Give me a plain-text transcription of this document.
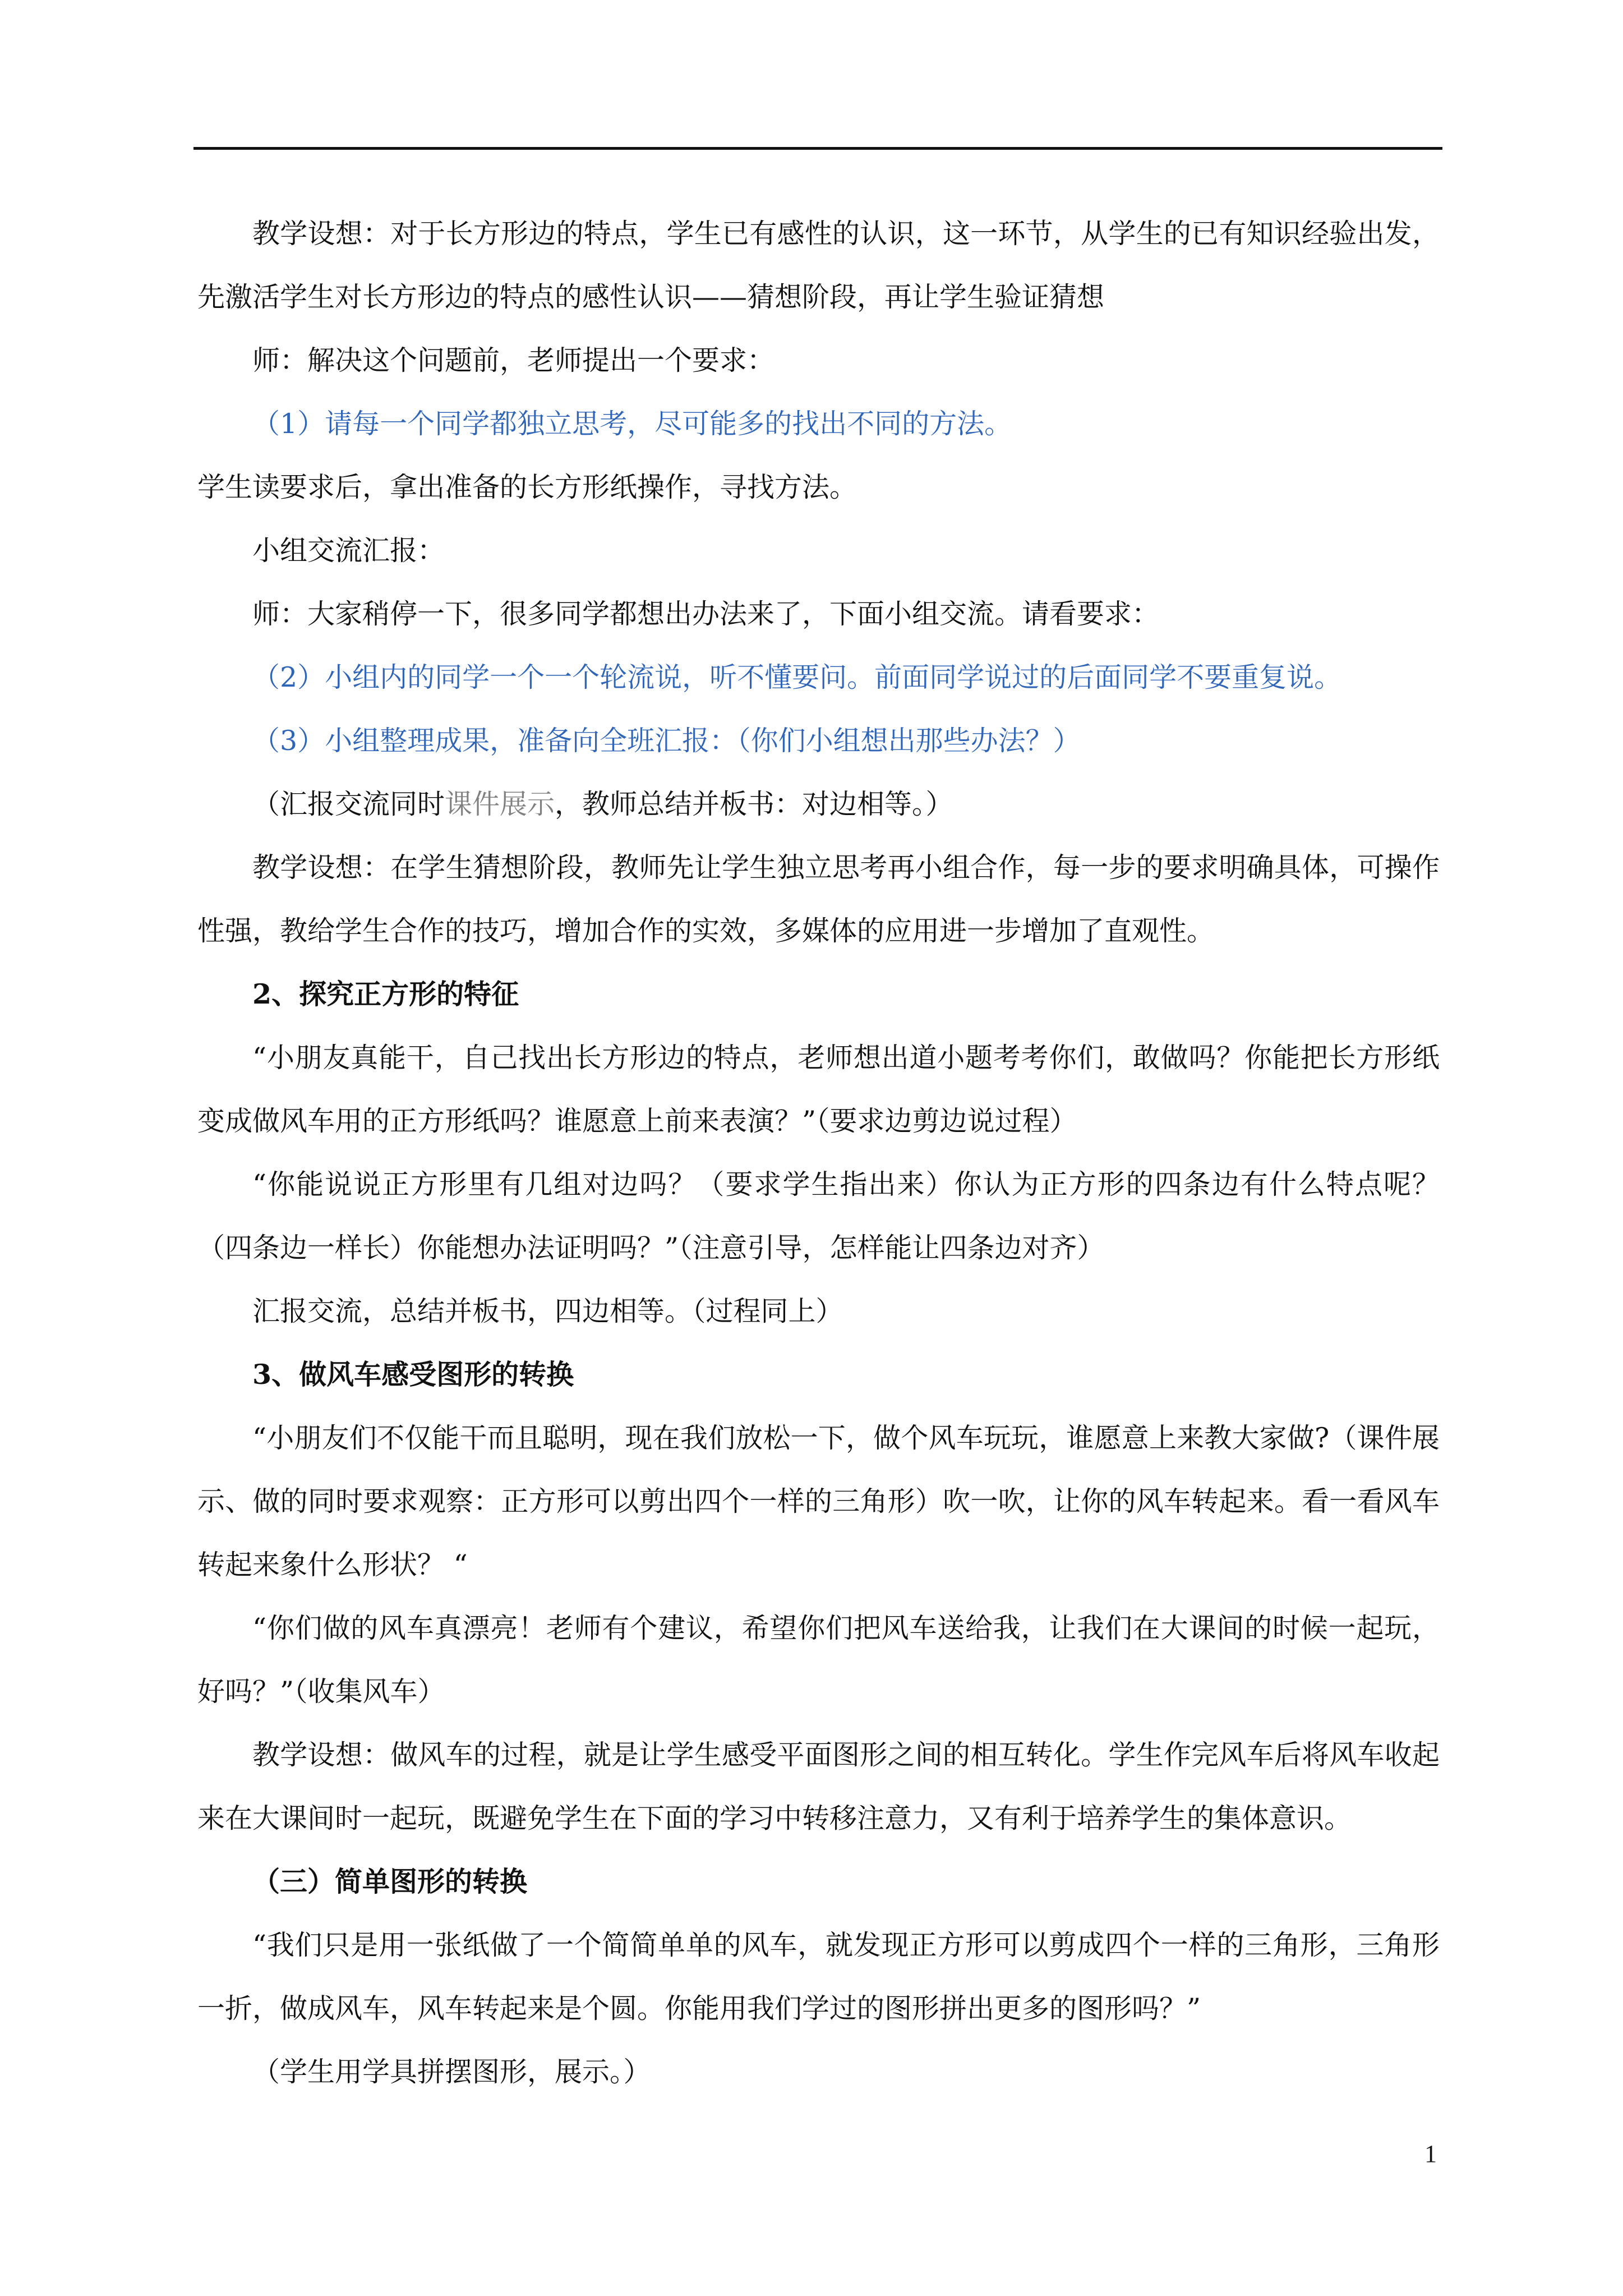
教学设想：对于长方形边的特点，学生已有感性的认识，这一环节，从学生的已有知识经验出发，先激活学生对长方形边的特点的感性认识——猜想阶段，再让学生验证猜想

师：解决这个问题前，老师提出一个要求：

（1）请每一个同学都独立思考，尽可能多的找出不同的方法。

学生读要求后，拿出准备的长方形纸操作，寻找方法。

小组交流汇报：

师：大家稍停一下，很多同学都想出办法来了，下面小组交流。请看要求：

（2）小组内的同学一个一个轮流说，听不懂要问。前面同学说过的后面同学不要重复说。

（3）小组整理成果，准备向全班汇报：（你们小组想出那些办法？）

（汇报交流同时课件展示，教师总结并板书：对边相等。）

教学设想：在学生猜想阶段，教师先让学生独立思考再小组合作，每一步的要求明确具体，可操作性强，教给学生合作的技巧，增加合作的实效，多媒体的应用进一步增加了直观性。

2、探究正方形的特征

“小朋友真能干，自己找出长方形边的特点，老师想出道小题考考你们，敢做吗？你能把长方形纸变成做风车用的正方形纸吗？谁愿意上前来表演？”（要求边剪边说过程）

“你能说说正方形里有几组对边吗？（要求学生指出来）你认为正方形的四条边有什么特点呢？（四条边一样长）你能想办法证明吗？”（注意引导，怎样能让四条边对齐）

汇报交流，总结并板书，四边相等。（过程同上）

3、做风车感受图形的转换

“小朋友们不仅能干而且聪明，现在我们放松一下，做个风车玩玩，谁愿意上来教大家做?（课件展示、做的同时要求观察：正方形可以剪出四个一样的三角形）吹一吹，让你的风车转起来。看一看风车转起来象什么形状？ “

“你们做的风车真漂亮！老师有个建议，希望你们把风车送给我，让我们在大课间的时候一起玩，好吗？”（收集风车）

教学设想：做风车的过程，就是让学生感受平面图形之间的相互转化。学生作完风车后将风车收起来在大课间时一起玩，既避免学生在下面的学习中转移注意力，又有利于培养学生的集体意识。

（三）简单图形的转换

“我们只是用一张纸做了一个简简单单的风车，就发现正方形可以剪成四个一样的三角形，三角形一折，做成风车，风车转起来是个圆。你能用我们学过的图形拼出更多的图形吗？”

（学生用学具拼摆图形，展示。）

1
